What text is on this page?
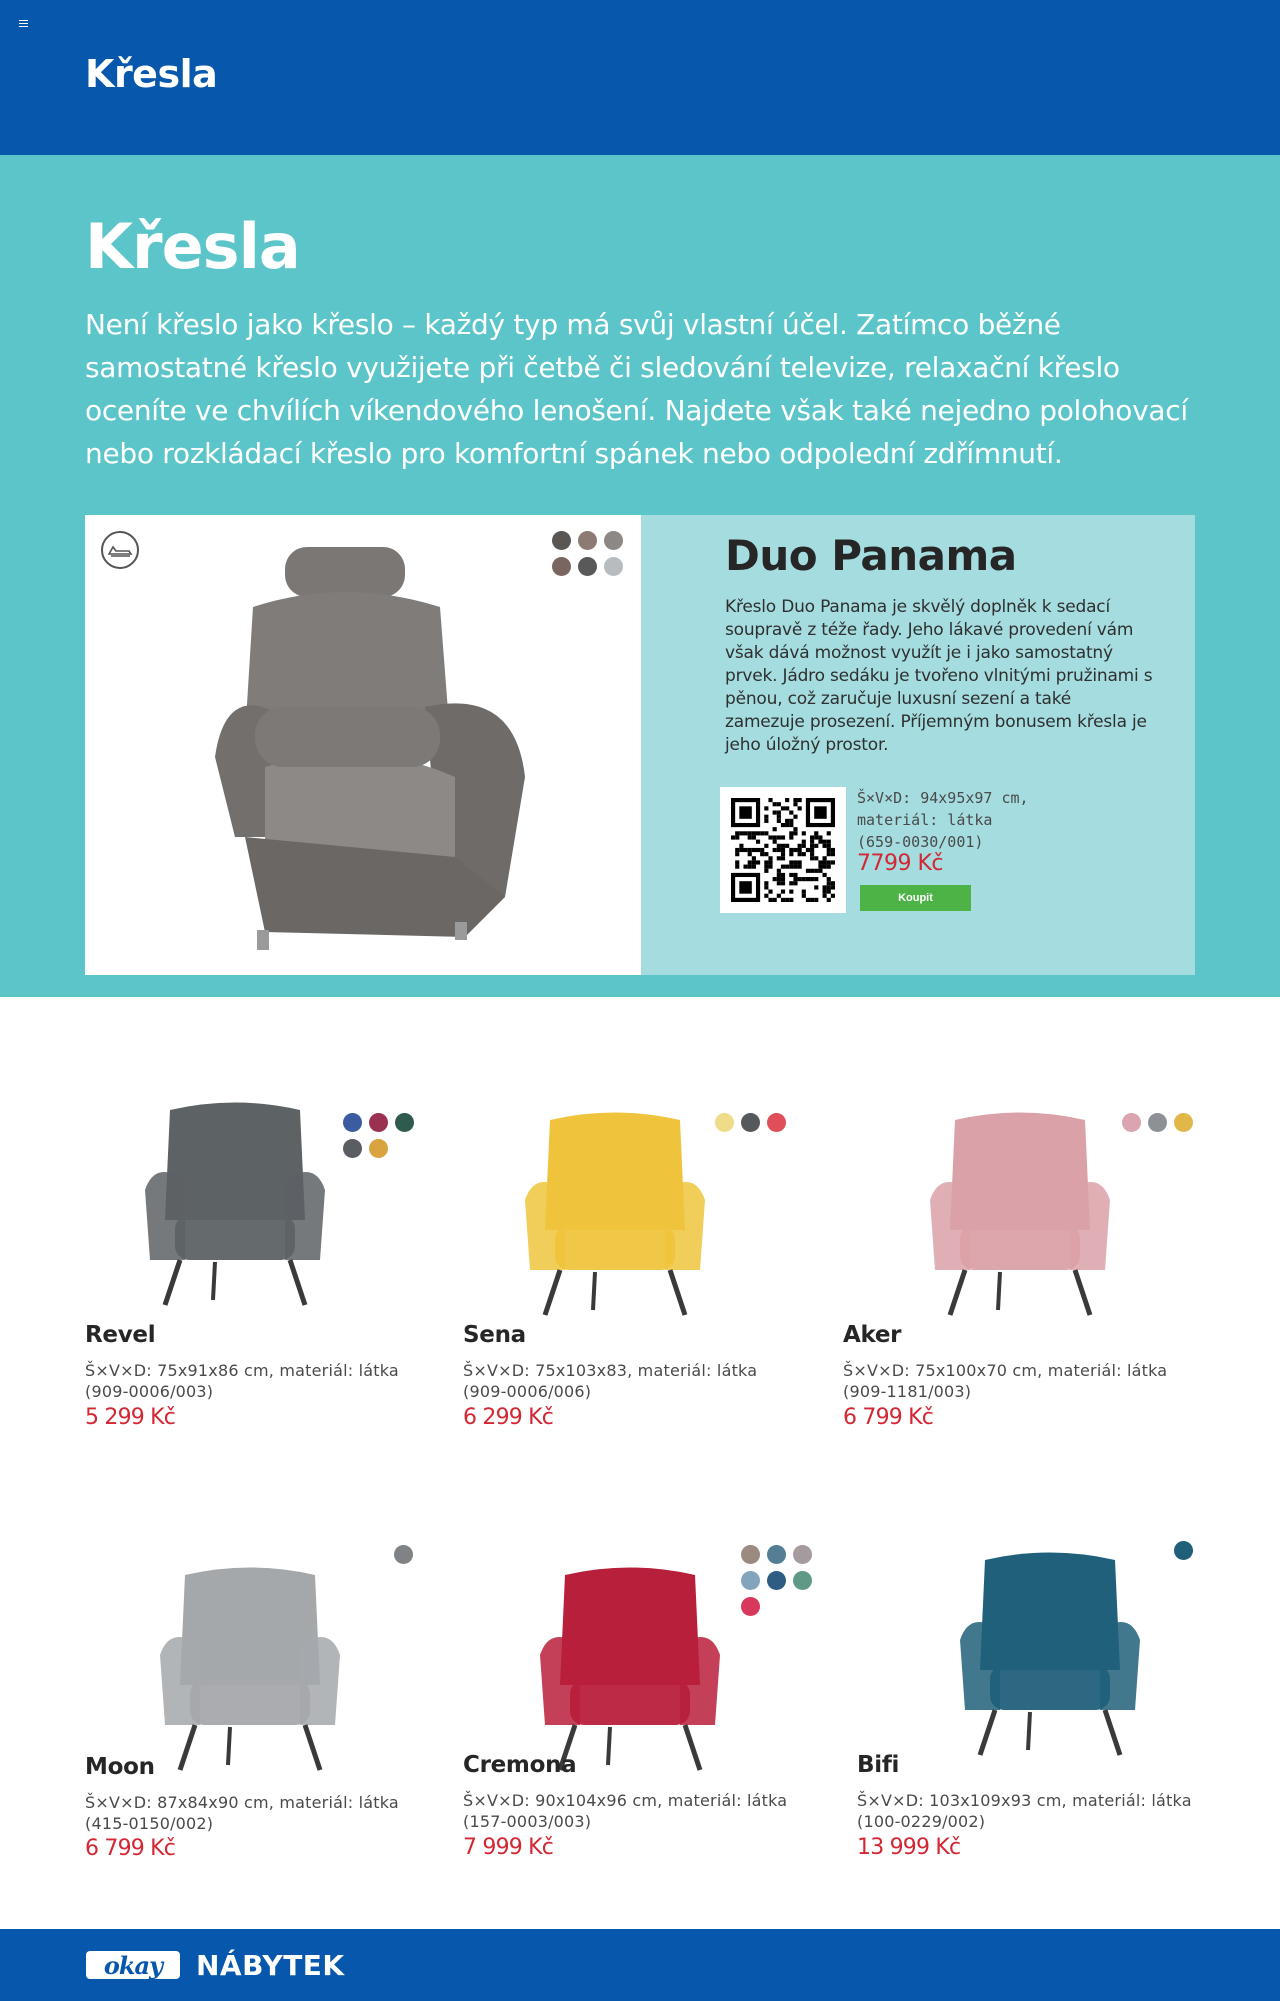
Křesla
Křesla
Není křeslo jako křeslo – každý typ má svůj vlastní účel. Zatímco běžné samostatné křeslo využijete při četbě či sledování televize, relaxační křeslo oceníte ve chvílích víkendového lenošení. Najdete však také nejedno polohovací nebo rozkládací křeslo pro komfortní spánek nebo odpolední zdřímnutí.
Duo Panama
Křeslo Duo Panama je skvělý doplněk k sedací soupravě z téže řady. Jeho lákavé provedení vám však dává možnost využít je i jako samostatný prvek. Jádro sedáku je tvořeno vlnitými pružinami s pěnou, což zaručuje luxusní sezení a také zamezuje prosezení. Příjemným bonusem křesla je jeho úložný prostor.
Š×V×D: 94x95x97 cm,
materiál: látka
(659-0030/001)
7799 Kč
Koupit
Revel
Š×V×D: 75x91x86 cm, materiál: látka
(909-0006/003)
5 299 Kč
Sena
Š×V×D: 75x103x83, materiál: látka
(909-0006/006)
6 299 Kč
Aker
Š×V×D: 75x100x70 cm, materiál: látka
(909-1181/003)
6 799 Kč
Moon
Š×V×D: 87x84x90 cm, materiál: látka
(415-0150/002)
6 799 Kč
Cremona
Š×V×D: 90x104x96 cm, materiál: látka
(157-0003/003)
7 999 Kč
Bifi
Š×V×D: 103x109x93 cm, materiál: látka
(100-0229/002)
13 999 Kč
okay NÁBYTEK
